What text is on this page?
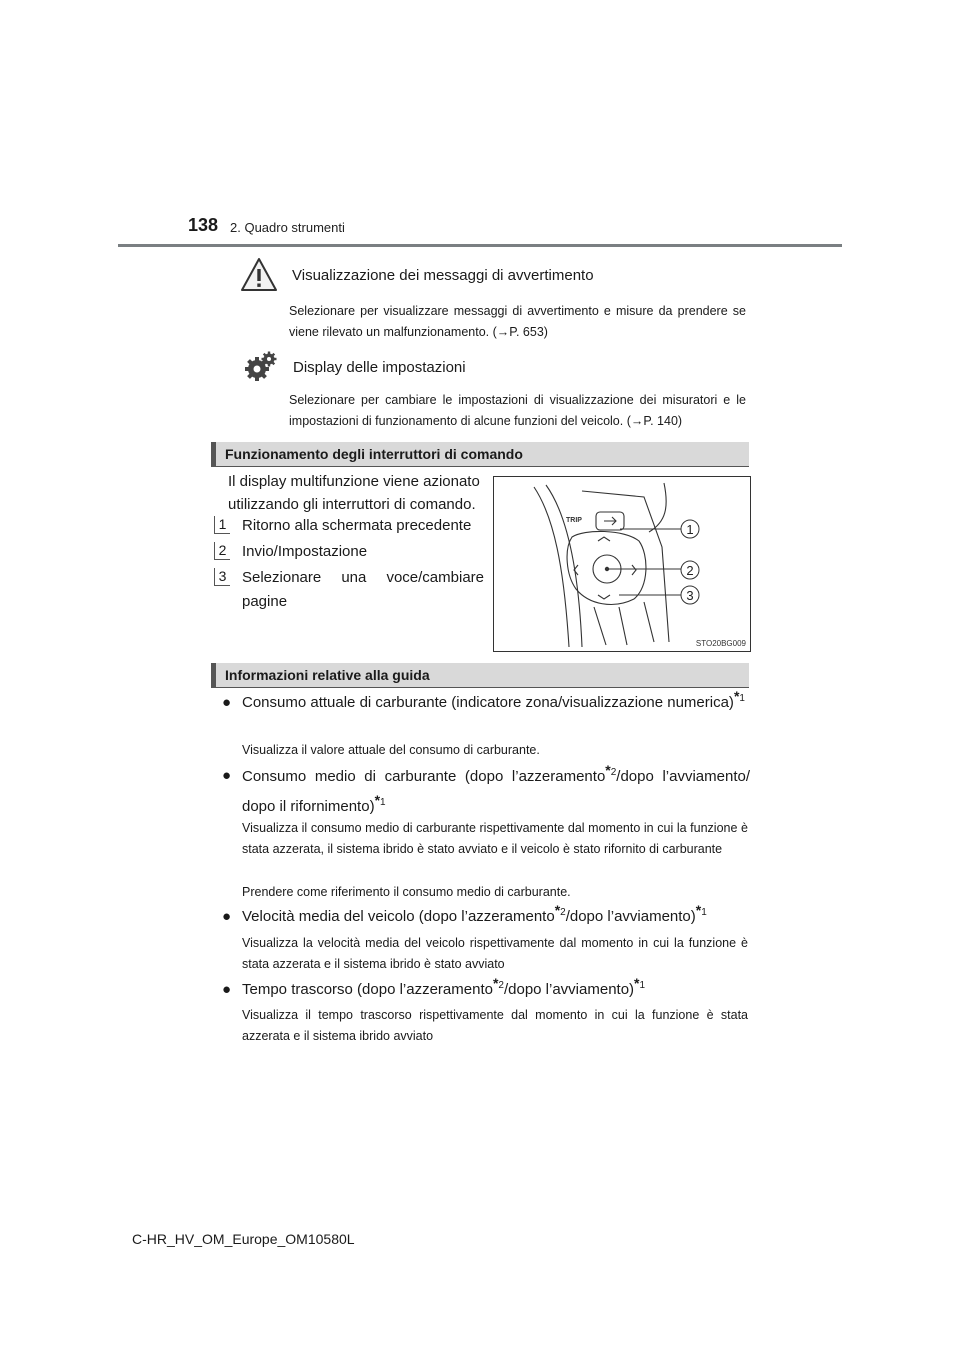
138 2. Quadro strumenti
Visualizzazione dei messaggi di avvertimento
Selezionare per visualizzare messaggi di avvertimento e misure da prendere se viene rilevato un malfunzionamento. (→P. 653)
Display delle impostazioni
Selezionare per cambiare le impostazioni di visualizzazione dei misuratori e le impostazioni di funzionamento di alcune funzioni del veicolo. (→P. 140)
Funzionamento degli interruttori di comando
Il display multifunzione viene azionato utilizzando gli interruttori di comando.
1 Ritorno alla schermata precedente
2 Invio/Impostazione
3 Selezionare una voce/cambiare pagine
TRIP
1
2
3
STO20BG009
Informazioni relative alla guida
● Consumo attuale di carburante (indicatore zona/visualizzazione numerica)$^{*1}$
Visualizza il valore attuale del consumo di carburante.
● Consumo medio di carburante (dopo l’azzeramento$^{*2}$/dopo l’avviamento/ dopo il rifornimento)$^{*1}$
Visualizza il consumo medio di carburante rispettivamente dal momento in cui la funzione è stata azzerata, il sistema ibrido è stato avviato e il veicolo è stato rifornito di carburante
Prendere come riferimento il consumo medio di carburante.
● Velocità media del veicolo (dopo l’azzeramento$^{*2}$/dopo l’avviamento)$^{*1}$
Visualizza la velocità media del veicolo rispettivamente dal momento in cui la funzione è stata azzerata e il sistema ibrido è stato avviato
● Tempo trascorso (dopo l’azzeramento$^{*2}$/dopo l’avviamento)$^{*1}$
Visualizza il tempo trascorso rispettivamente dal momento in cui la funzione è stata azzerata e il sistema ibrido avviato
C-HR_HV_OM_Europe_OM10580L
